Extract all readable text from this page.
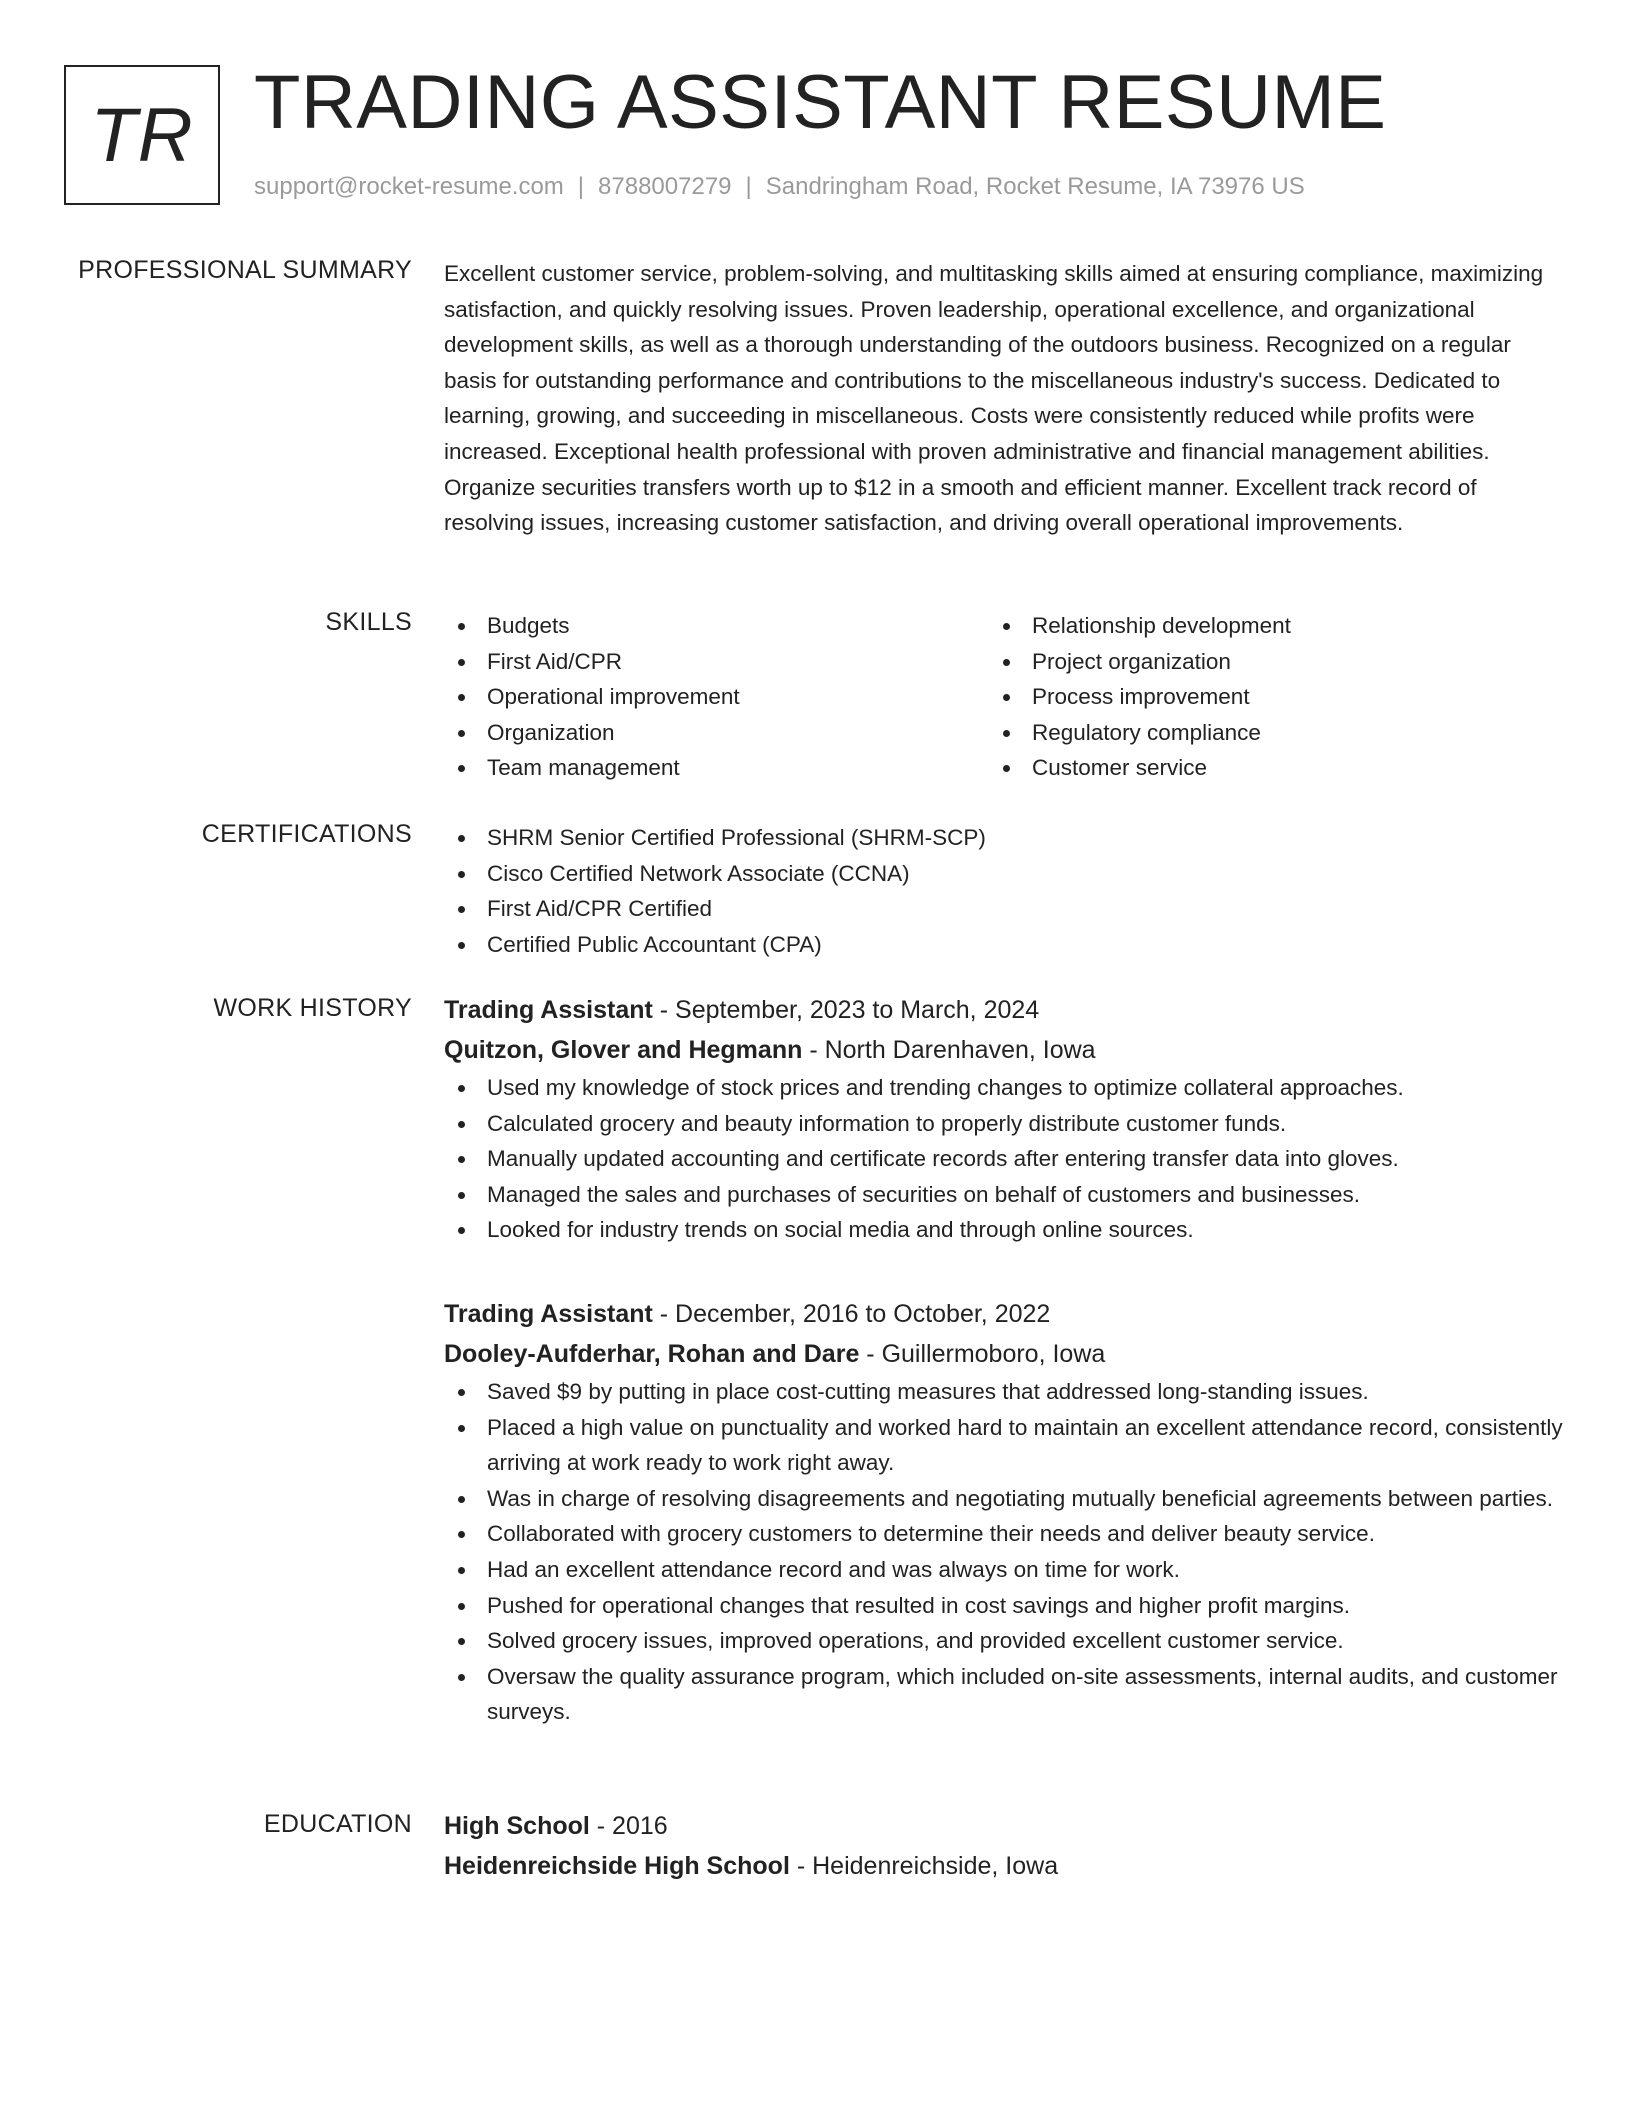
TR TRADING ASSISTANT RESUME
support@rocket-resume.com | 8788007279 | Sandringham Road, Rocket Resume, IA 73976 US
PROFESSIONAL SUMMARY Excellent customer service, problem-solving, and multitasking skills aimed at ensuring compliance, maximizing satisfaction, and quickly resolving issues. Proven leadership, operational excellence, and organizational development skills, as well as a thorough understanding of the outdoors business. Recognized on a regular basis for outstanding performance and contributions to the miscellaneous industry's success. Dedicated to learning, growing, and succeeding in miscellaneous. Costs were consistently reduced while profits were increased. Exceptional health professional with proven administrative and financial management abilities. Organize securities transfers worth up to $12 in a smooth and efficient manner. Excellent track record of resolving issues, increasing customer satisfaction, and driving overall operational improvements.

SKILLS	Budgets
First Aid/CPR
Operational improvement
Organization
Team management
Relationship development
Project organization
Process improvement
Regulatory compliance
Customer service
CERTIFICATIONS	SHRM Senior Certified Professional (SHRM-SCP)
Cisco Certified Network Associate (CCNA)
First Aid/CPR Certified
Certified Public Accountant (CPA)
WORK HISTORY Trading Assistant - September, 2023 to March, 2024
Quitzon, Glover and Hegmann - North Darenhaven, Iowa
Used my knowledge of stock prices and trending changes to optimize collateral approaches.
Calculated grocery and beauty information to properly distribute customer funds.
Manually updated accounting and certificate records after entering transfer data into gloves.
Managed the sales and purchases of securities on behalf of customers and businesses.
Looked for industry trends on social media and through online sources.
Trading Assistant - December, 2016 to October, 2022
Dooley-Aufderhar, Rohan and Dare - Guillermoboro, Iowa
Saved $9 by putting in place cost-cutting measures that addressed long-standing issues.
Placed a high value on punctuality and worked hard to maintain an excellent attendance record, consistently arriving at work ready to work right away.
Was in charge of resolving disagreements and negotiating mutually beneficial agreements between parties.
Collaborated with grocery customers to determine their needs and deliver beauty service.
Had an excellent attendance record and was always on time for work.
Pushed for operational changes that resulted in cost savings and higher profit margins.
Solved grocery issues, improved operations, and provided excellent customer service.
Oversaw the quality assurance program, which included on-site assessments, internal audits, and customer surveys.
EDUCATION High School - 2016
Heidenreichside High School - Heidenreichside, Iowa
